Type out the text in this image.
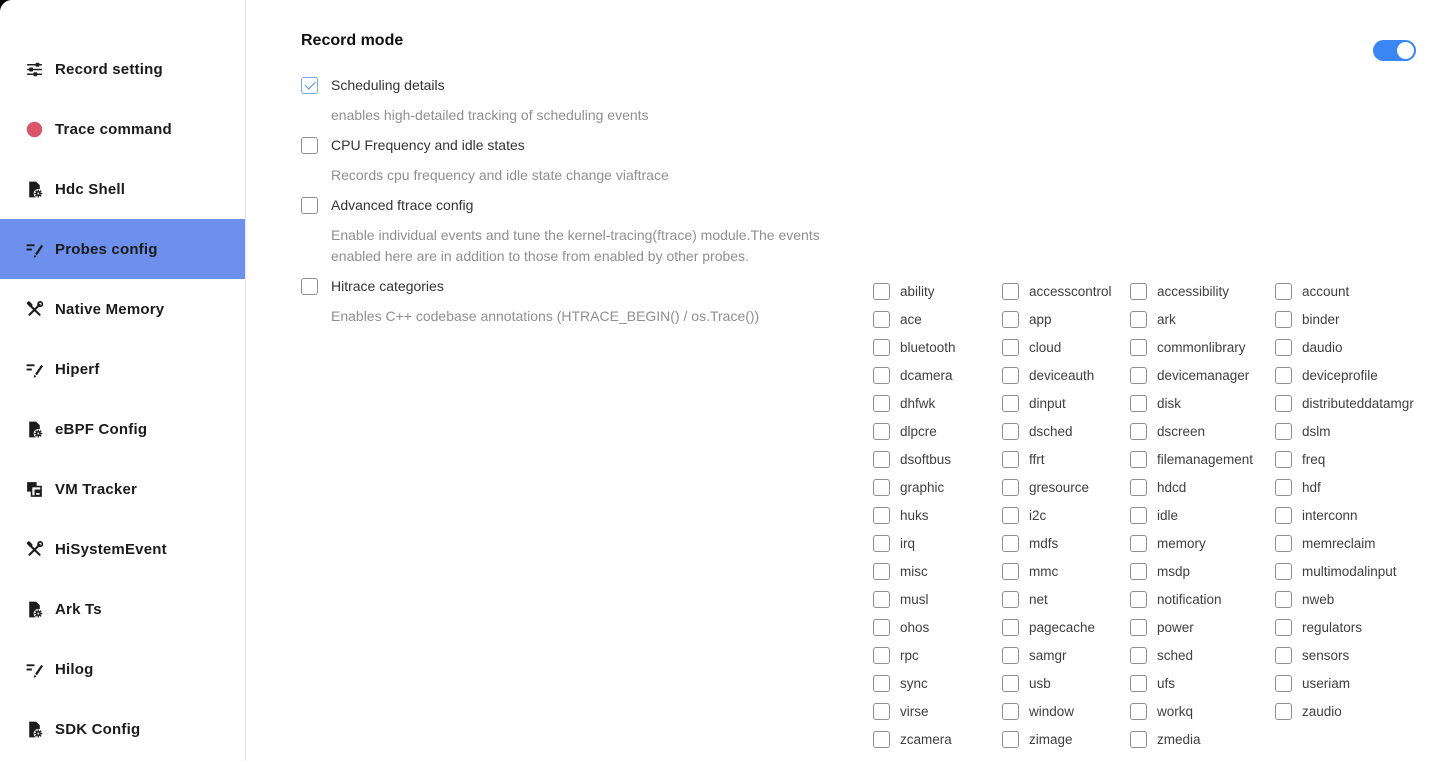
Record setting
Trace command
Hdc Shell
Probes config
Native Memory
Hiperf
eBPF Config
VM Tracker
HiSystemEvent
Ark Ts
Hilog
SDK Config
Record mode
Scheduling details
enables high-detailed tracking of scheduling events
CPU Frequency and idle states
Records cpu frequency and idle state change viaftrace
Advanced ftrace config
Enable individual events and tune the kernel-tracing(ftrace) module.The events enabled here are in addition to those from enabled by other probes.
Hitrace categories
Enables C++ codebase annotations (HTRACE_BEGIN() / os.Trace())
ability	accesscontrol	accessibility	account
ace	app	ark	binder
bluetooth	cloud	commonlibrary	daudio
dcamera	deviceauth	devicemanager	deviceprofile
dhfwk	dinput	disk	distributeddatamgr
dlpcre	dsched	dscreen	dslm
dsoftbus	ffrt	filemanagement	freq
graphic	gresource	hdcd	hdf
huks	i2c	idle	interconn
irq	mdfs	memory	memreclaim
misc	mmc	msdp	multimodalinput
musl	net	notification	nweb
ohos	pagecache	power	regulators
rpc	samgr	sched	sensors
sync	usb	ufs	useriam
virse	window	workq	zaudio
zcamera	zimage	zmedia
